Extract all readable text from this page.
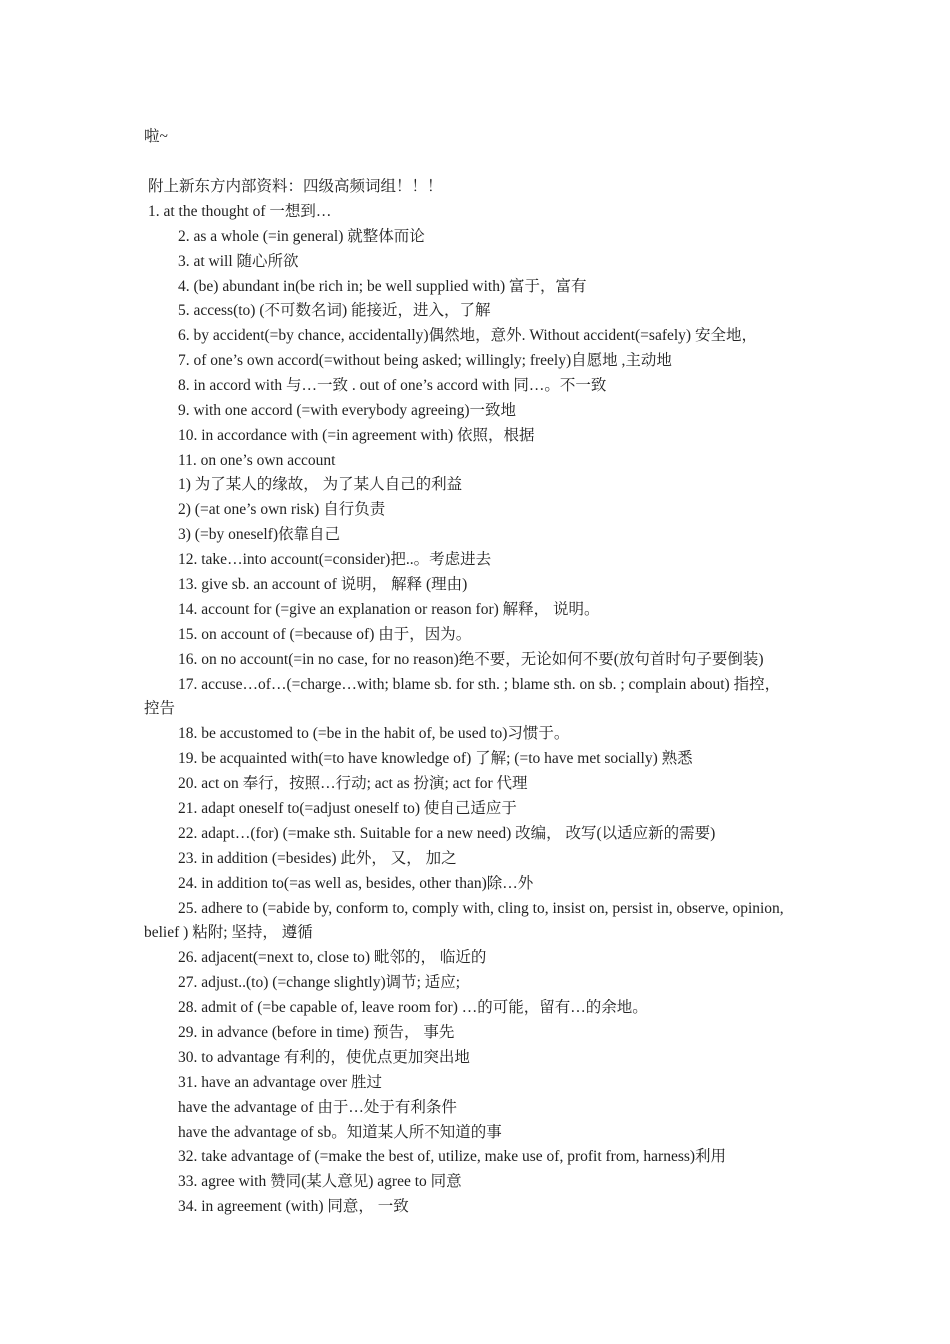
啦~

附上新东方内部资料：四级高频词组！！！

1. at the thought of 一想到…

2. as a whole (=in general) 就整体而论

3. at will 随心所欲

4. (be) abundant in(be rich in; be well supplied with) 富于，富有

5. access(to) (不可数名词) 能接近，进入，了解

6. by accident(=by chance, accidentally)偶然地，意外. Without accident(=safely) 安全地，

7. of one’s own accord(=without being asked; willingly; freely)自愿地 ,主动地

8. in accord with 与…一致 . out of one’s accord with 同…。不一致

9. with one accord (=with everybody agreeing)一致地

10. in accordance with (=in agreement with) 依照，根据

11. on one’s own account

1) 为了某人的缘故， 为了某人自己的利益

2) (=at one’s own risk) 自行负责

3) (=by oneself)依靠自己

12. take…into account(=consider)把..。考虑进去

13. give sb. an account of 说明， 解释 (理由)

14. account for (=give an explanation or reason for) 解释， 说明。

15. on account of (=because of) 由于，因为。

16. on no account(=in no case, for no reason)绝不要，无论如何不要(放句首时句子要倒装)

17. accuse…of…(=charge…with; blame sb. for sth. ; blame sth. on sb. ; complain about) 指控，

控告

18. be accustomed to (=be in the habit of, be used to)习惯于。

19. be acquainted with(=to have knowledge of) 了解; (=to have met socially) 熟悉

20. act on 奉行，按照…行动; act as 扮演; act for 代理

21. adapt oneself to(=adjust oneself to) 使自己适应于

22. adapt…(for) (=make sth. Suitable for a new need) 改编， 改写(以适应新的需要)

23. in addition (=besides) 此外， 又， 加之

24. in addition to(=as well as, besides, other than)除…外

25. adhere to (=abide by, conform to, comply with, cling to, insist on, persist in, observe, opinion,

belief ) 粘附; 坚持， 遵循

26. adjacent(=next to, close to) 毗邻的， 临近的

27. adjust..(to) (=change slightly)调节; 适应;

28. admit of (=be capable of, leave room for) …的可能，留有…的余地。

29. in advance (before in time) 预告， 事先

30. to advantage 有利的，使优点更加突出地

31. have an advantage over 胜过

have the advantage of 由于…处于有利条件

have the advantage of sb。知道某人所不知道的事

32. take advantage of (=make the best of, utilize, make use of, profit from, harness)利用

33. agree with 赞同(某人意见) agree to 同意

34. in agreement (with) 同意， 一致
